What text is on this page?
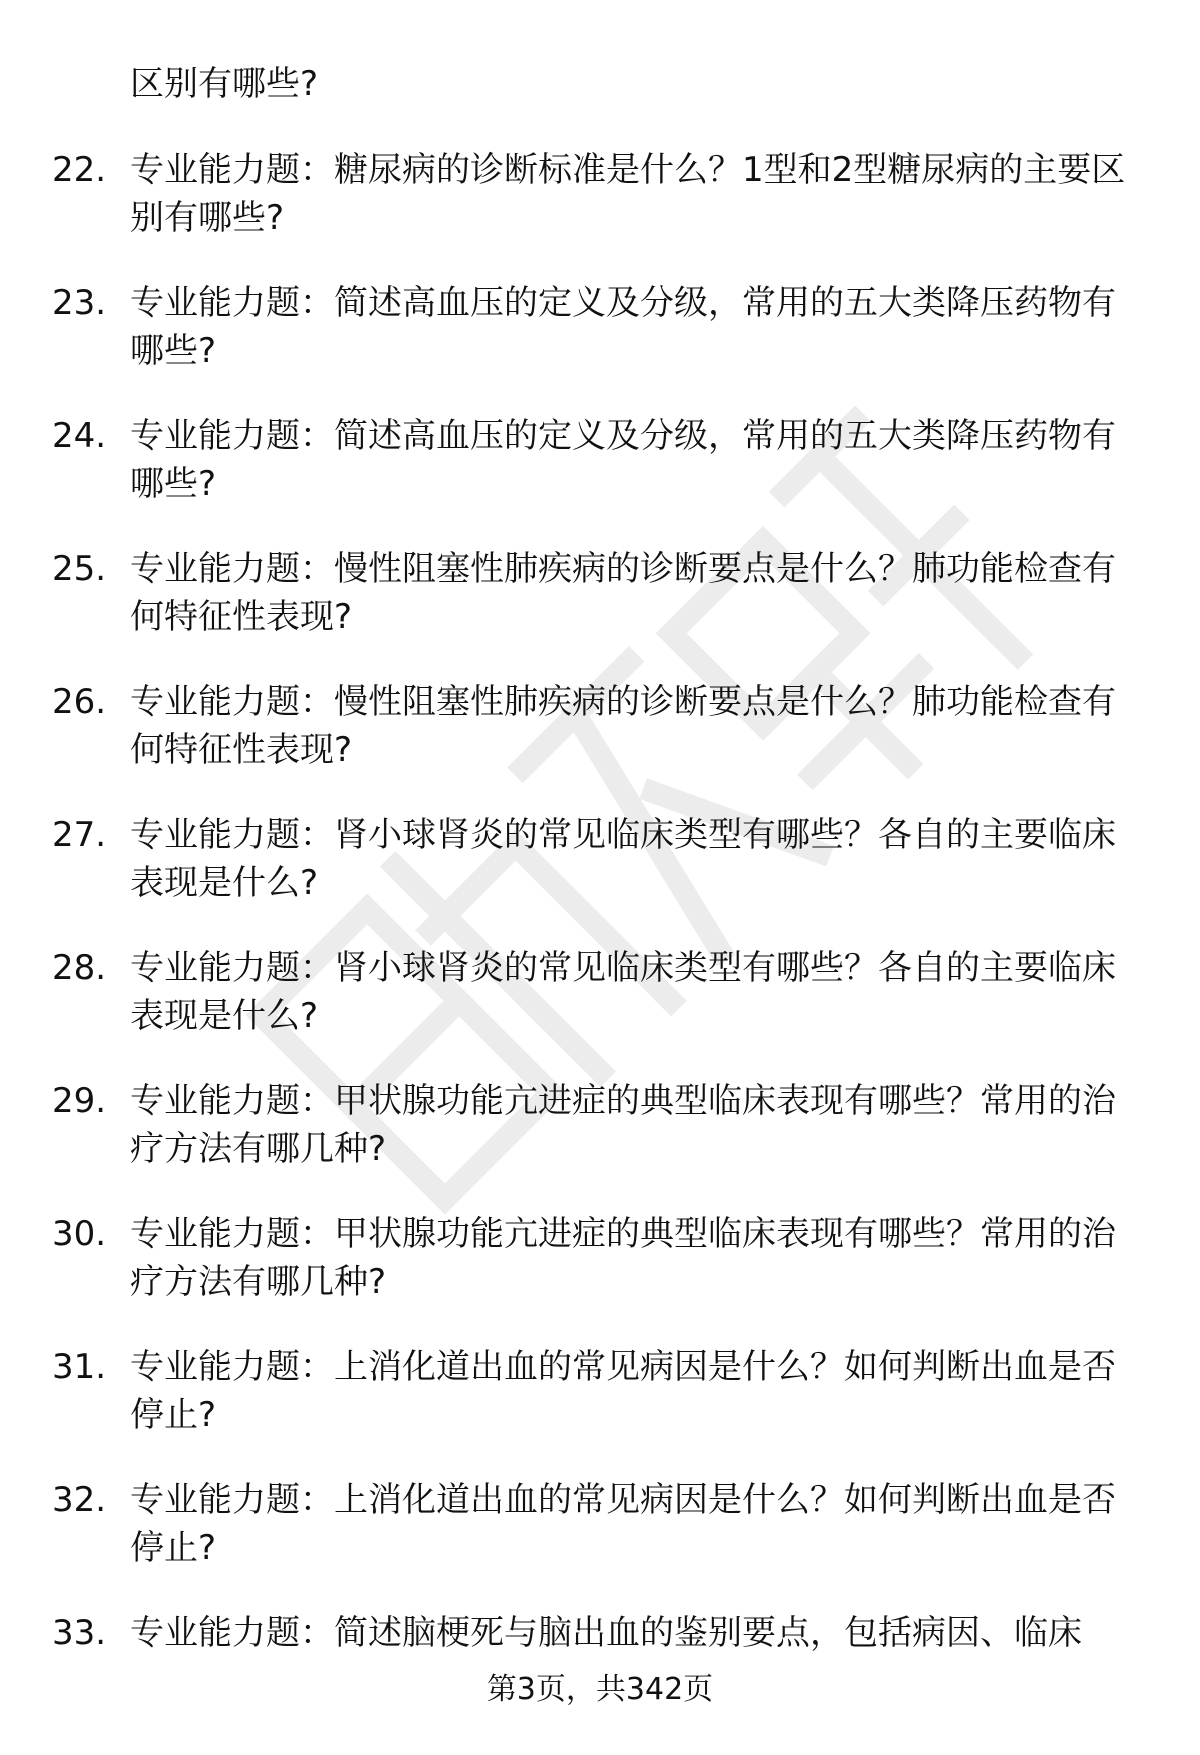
区别有哪些?

22. 专业能力题：糖尿病的诊断标准是什么？1型和2型糖尿病的主要区别有哪些?
23. 专业能力题：简述高血压的定义及分级，常用的五大类降压药物有哪些?
24. 专业能力题：简述高血压的定义及分级，常用的五大类降压药物有哪些?
25. 专业能力题：慢性阻塞性肺疾病的诊断要点是什么？肺功能检查有何特征性表现?
26. 专业能力题：慢性阻塞性肺疾病的诊断要点是什么？肺功能检查有何特征性表现?
27. 专业能力题：肾小球肾炎的常见临床类型有哪些？各自的主要临床表现是什么?
28. 专业能力题：肾小球肾炎的常见临床类型有哪些？各自的主要临床表现是什么?
29. 专业能力题：甲状腺功能亢进症的典型临床表现有哪些？常用的治疗方法有哪几种?
30. 专业能力题：甲状腺功能亢进症的典型临床表现有哪些？常用的治疗方法有哪几种?
31. 专业能力题：上消化道出血的常见病因是什么？如何判断出血是否停止?
32. 专业能力题：上消化道出血的常见病因是什么？如何判断出血是否停止?
33. 专业能力题：简述脑梗死与脑出血的鉴别要点，包括病因、临床
第3页，共342页
